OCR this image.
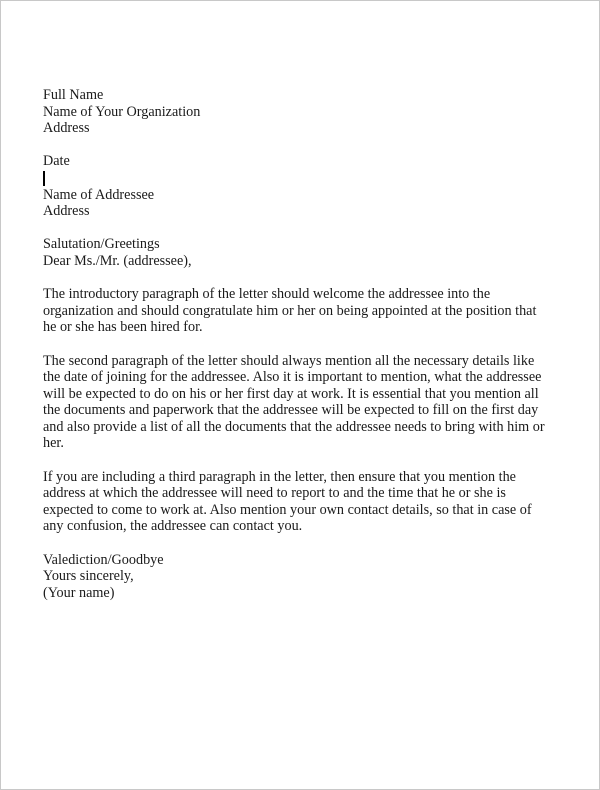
Full Name
Name of Your Organization
Address
Date
Name of Addressee
Address
Salutation/Greetings
Dear Ms./Mr. (addressee),
The introductory paragraph of the letter should welcome the addressee into the
organization and should congratulate him or her on being appointed at the position that
he or she has been hired for.
The second paragraph of the letter should always mention all the necessary details like
the date of joining for the addressee. Also it is important to mention, what the addressee
will be expected to do on his or her first day at work. It is essential that you mention all
the documents and paperwork that the addressee will be expected to fill on the first day
and also provide a list of all the documents that the addressee needs to bring with him or
her.
If you are including a third paragraph in the letter, then ensure that you mention the
address at which the addressee will need to report to and the time that he or she is
expected to come to work at. Also mention your own contact details, so that in case of
any confusion, the addressee can contact you.
Valediction/Goodbye
Yours sincerely,
(Your name)
